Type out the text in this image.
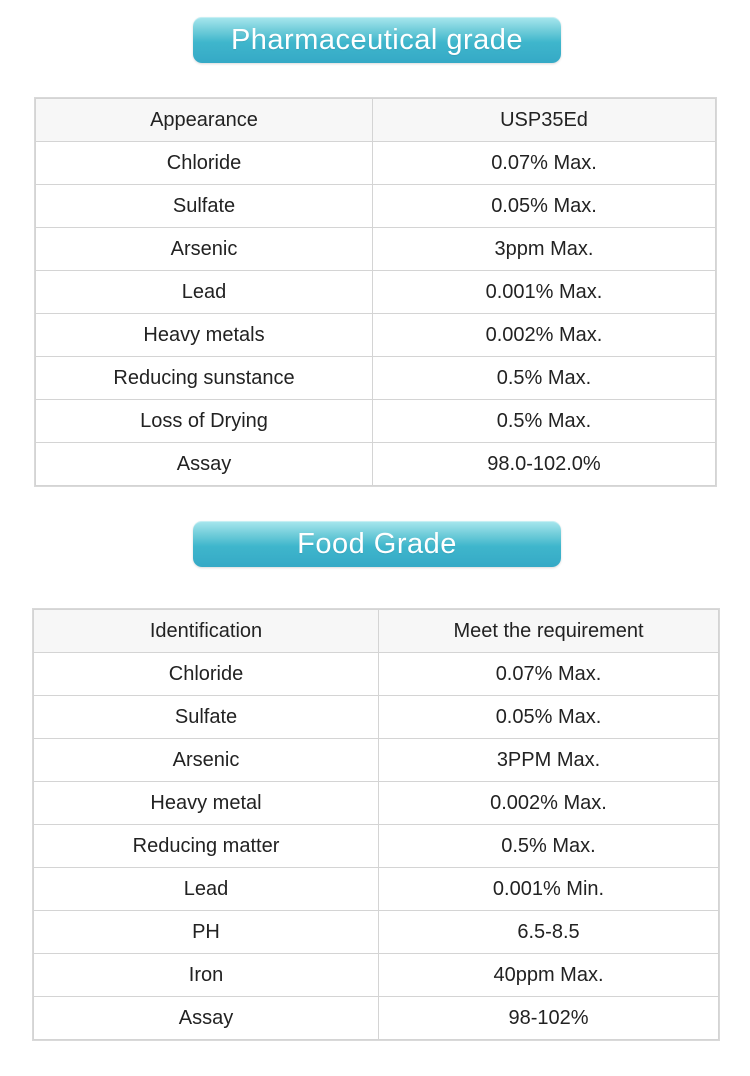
Pharmaceutical grade
Appearance	USP35Ed
Chloride	0.07% Max.
Sulfate	0.05% Max.
Arsenic	3ppm Max.
Lead	0.001% Max.
Heavy metals	0.002% Max.
Reducing sunstance	0.5% Max.
Loss of Drying	0.5% Max.
Assay	98.0-102.0%
Food Grade
Identification	Meet the requirement
Chloride	0.07% Max.
Sulfate	0.05% Max.
Arsenic	3PPM Max.
Heavy metal	0.002% Max.
Reducing matter	0.5% Max.
Lead	0.001% Min.
PH	6.5-8.5
Iron	40ppm Max.
Assay	98-102%
